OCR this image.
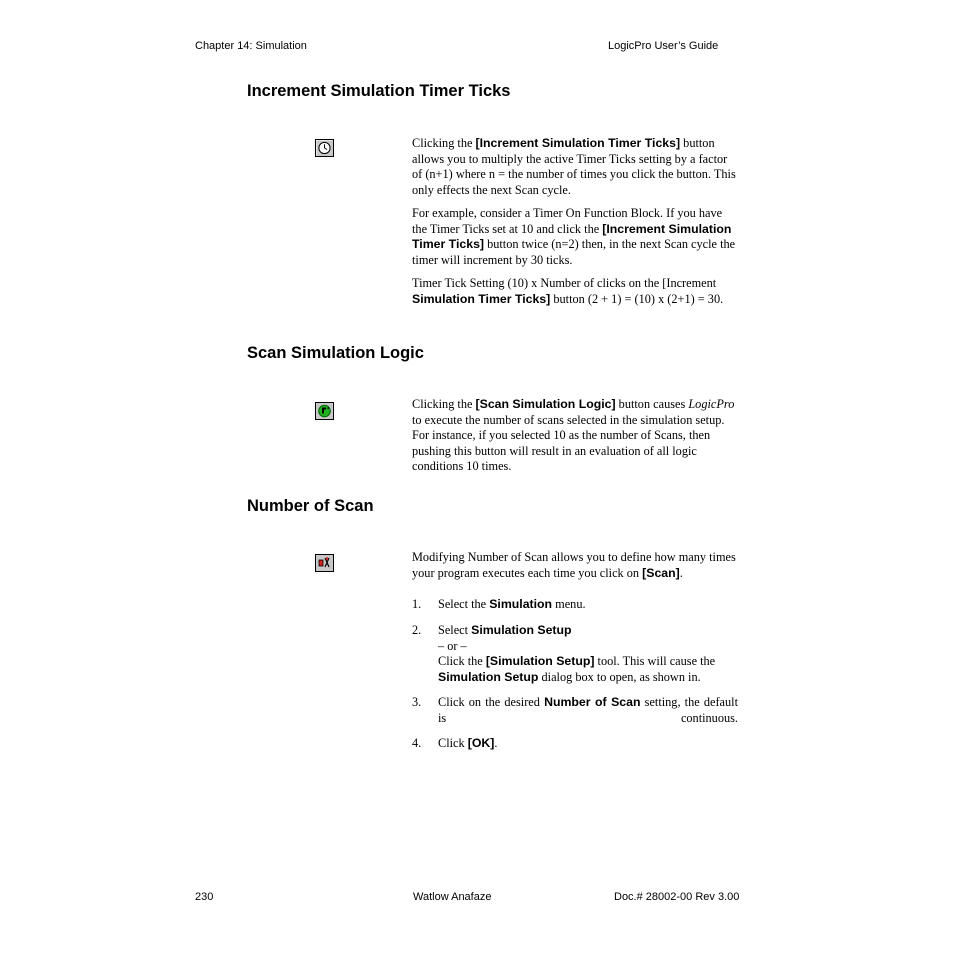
Chapter 14: Simulation	LogicPro User’s Guide
Increment Simulation Timer Ticks
Clicking the [Increment Simulation Timer Ticks] button allows you to multiply the active Timer Ticks setting by a factor of (n+1) where n = the number of times you click the button. This only effects the next Scan cycle.
For example, consider a Timer On Function Block. If you have the Timer Ticks set at 10 and click the [Increment Simulation Timer Ticks] button twice (n=2) then, in the next Scan cycle the timer will increment by 30 ticks.
Timer Tick Setting (10) x Number of clicks on the [Increment Simulation Timer Ticks] button (2 + 1) = (10) x (2+1) = 30.
Scan Simulation Logic
Clicking the [Scan Simulation Logic] button causes LogicPro to execute the number of scans selected in the simulation setup. For instance, if you selected 10 as the number of Scans, then pushing this button will result in an evaluation of all logic conditions 10 times.
Number of Scan
Modifying Number of Scan allows you to define how many times your program executes each time you click on [Scan].
1. Select the Simulation menu.
2. Select Simulation Setup
– or –
Click the [Simulation Setup] tool. This will cause the Simulation Setup dialog box to open, as shown in.
3. Click on the desired Number of Scan setting, the default is continuous.
4. Click [OK].
230	Watlow Anafaze	Doc.# 28002-00 Rev 3.00
